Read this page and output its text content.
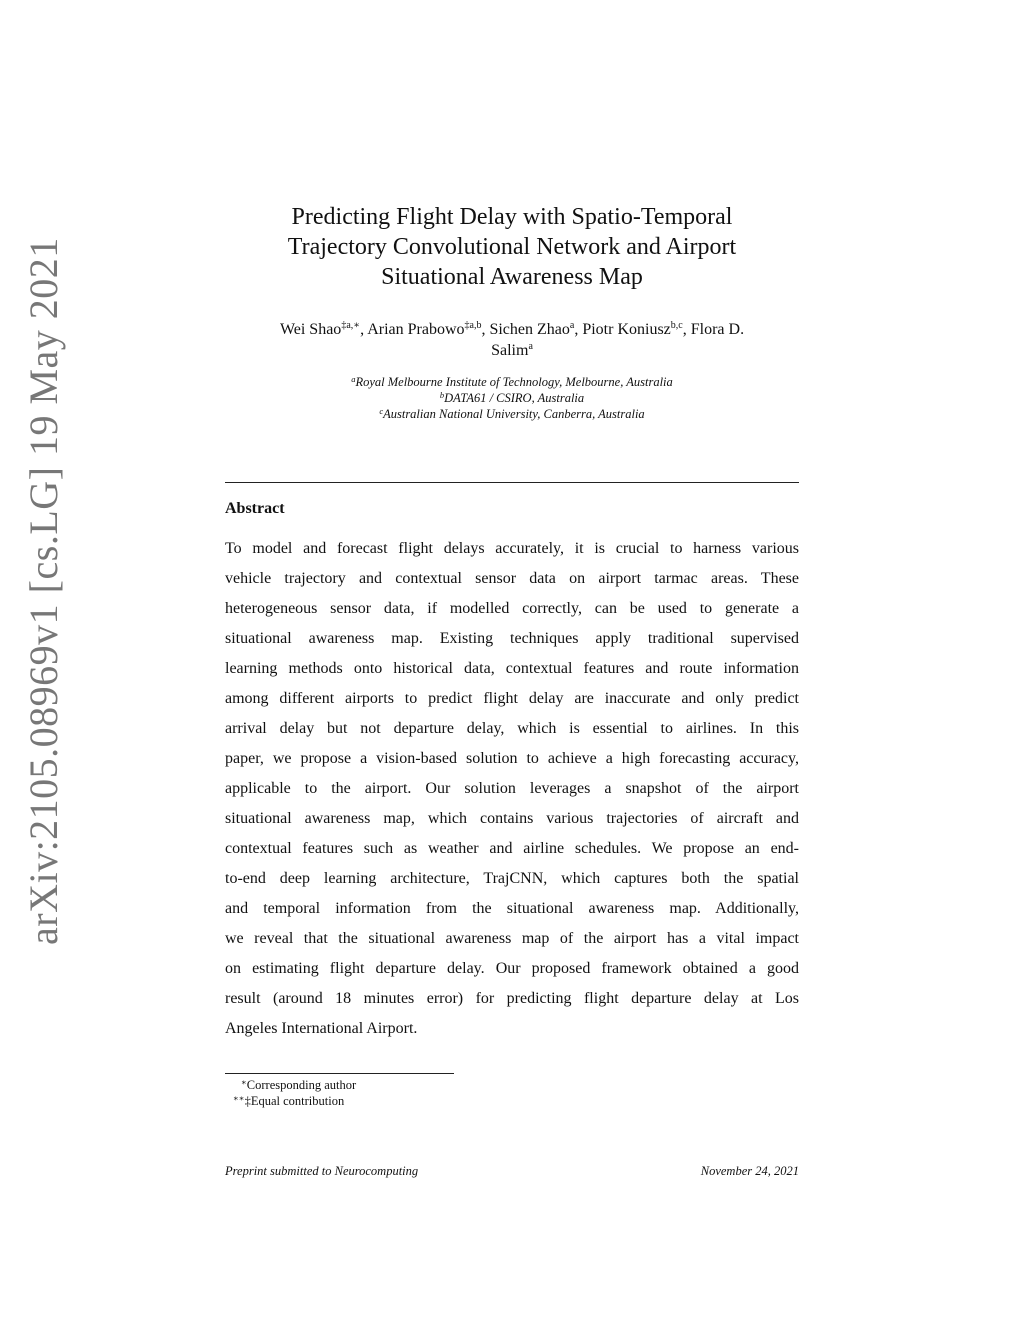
arXiv:2105.08969v1 [cs.LG] 19 May 2021
Predicting Flight Delay with Spatio-Temporal
Trajectory Convolutional Network and Airport
Situational Awareness Map
Wei Shao$^{\ddagger a,∗}$, Arian Prabowo$^{\ddagger a,b}$, Sichen Zhao$^a$, Piotr Koniusz$^{b,c}$, Flora D.
Salim$^a$
$^a$Royal Melbourne Institute of Technology, Melbourne, Australia
$^b$DATA61 / CSIRO, Australia
$^c$Australian National University, Canberra, Australia
Abstract
To model and forecast flight delays accurately, it is crucial to harness various
vehicle trajectory and contextual sensor data on airport tarmac areas. These
heterogeneous sensor data, if modelled correctly, can be used to generate a
situational awareness map. Existing techniques apply traditional supervised
learning methods onto historical data, contextual features and route information
among different airports to predict flight delay are inaccurate and only predict
arrival delay but not departure delay, which is essential to airlines. In this
paper, we propose a vision-based solution to achieve a high forecasting accuracy,
applicable to the airport. Our solution leverages a snapshot of the airport
situational awareness map, which contains various trajectories of aircraft and
contextual features such as weather and airline schedules. We propose an end-
to-end deep learning architecture, TrajCNN, which captures both the spatial
and temporal information from the situational awareness map. Additionally,
we reveal that the situational awareness map of the airport has a vital impact
on estimating flight departure delay. Our proposed framework obtained a good
result (around 18 minutes error) for predicting flight departure delay at Los
Angeles International Airport.
∗Corresponding author
∗∗‡Equal contribution
Preprint submitted to Neurocomputing	November 24, 2021
